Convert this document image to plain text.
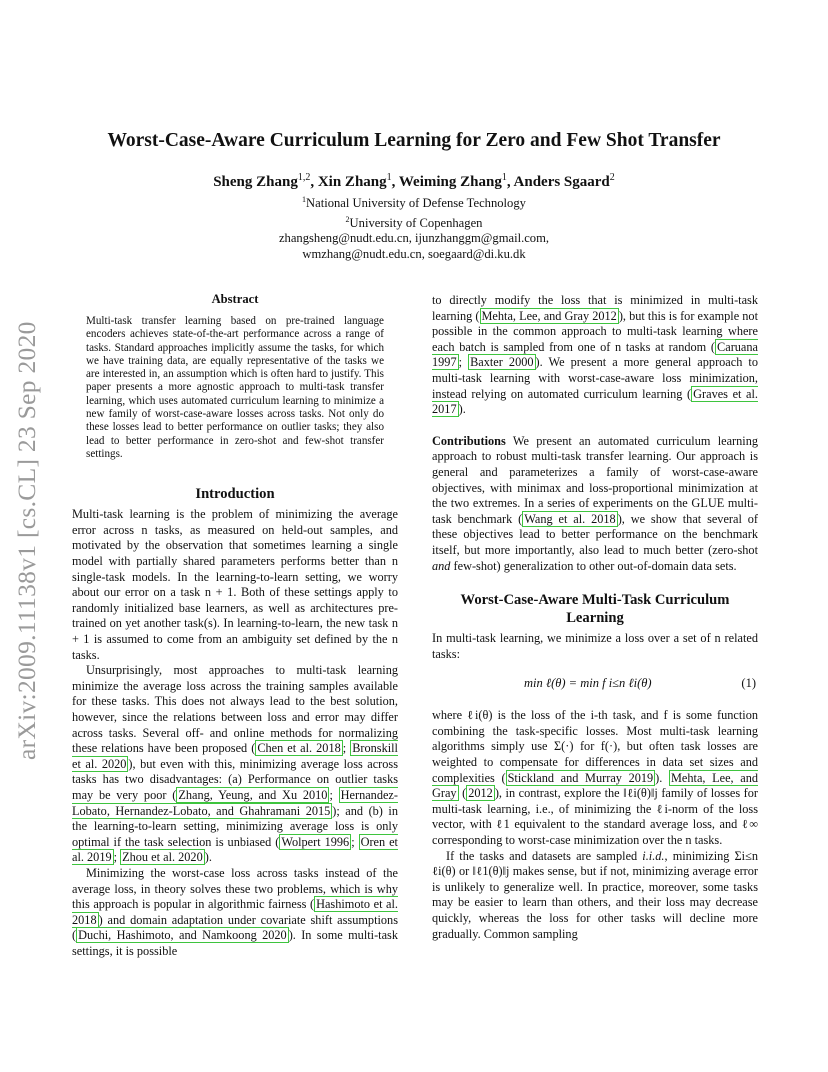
arXiv:2009.11138v1 [cs.CL] 23 Sep 2020
Worst-Case-Aware Curriculum Learning for Zero and Few Shot Transfer
Sheng Zhang$^{1,2}$, Xin Zhang$^1$, Weiming Zhang$^1$, Anders Sgaard$^2$
$^1$National University of Defense Technology
$^2$University of Copenhagen
zhangsheng@nudt.edu.cn, ijunzhanggm@gmail.com,
wmzhang@nudt.edu.cn, soegaard@di.ku.dk
Abstract

Multi-task transfer learning based on pre-trained language encoders achieves state-of-the-art performance across a range of tasks. Standard approaches implicitly assume the tasks, for which we have training data, are equally representative of the tasks we are interested in, an assumption which is often hard to justify. This paper presents a more agnostic approach to multi-task transfer learning, which uses automated curriculum learning to minimize a new family of worst-case-aware losses across tasks. Not only do these losses lead to better performance on outlier tasks; they also lead to better performance in zero-shot and few-shot transfer settings.

Introduction

Multi-task learning is the problem of minimizing the average error across n tasks, as measured on held-out samples, and motivated by the observation that sometimes learning a single model with partially shared parameters performs better than n single-task models. In the learning-to-learn setting, we worry about our error on a task n + 1. Both of these settings apply to randomly initialized base learners, as well as architectures pre-trained on yet another task(s). In learning-to-learn, the new task n + 1 is assumed to come from an ambiguity set defined by the n tasks.

Unsurprisingly, most approaches to multi-task learning minimize the average loss across the training samples available for these tasks. This does not always lead to the best solution, however, since the relations between loss and error may differ across tasks. Several off- and online methods for normalizing these relations have been proposed ( Chen et al. 2018 ; Bronskill et al. 2020 ), but even with this, minimizing average loss across tasks has two disadvantages: (a) Performance on outlier tasks may be very poor ( Zhang, Yeung, and Xu 2010 ; Hernandez-Lobato, Hernandez-Lobato, and Ghahramani 2015 ); and (b) in the learning-to-learn setting, minimizing average loss is only optimal if the task selection is unbiased ( Wolpert 1996 ; Oren et al. 2019 ; Zhou et al. 2020 ).

Minimizing the worst-case loss across tasks instead of the average loss, in theory solves these two problems, which is why this approach is popular in algorithmic fairness ( Hashimoto et al. 2018 ) and domain adaptation under covariate shift assumptions ( Duchi, Hashimoto, and Namkoong 2020 ). In some multi-task settings, it is possible

to directly modify the loss that is minimized in multi-task learning ( Mehta, Lee, and Gray 2012 ), but this is for example not possible in the common approach to multi-task learning where each batch is sampled from one of n tasks at random ( Caruana 1997 ; Baxter 2000 ). We present a more general approach to multi-task learning with worst-case-aware loss minimization, instead relying on automated curriculum learning ( Graves et al. 2017 ).

Contributions We present an automated curriculum learning approach to robust multi-task transfer learning. Our approach is general and parameterizes a family of worst-case-aware objectives, with minimax and loss-proportional minimization at the two extremes. In a series of experiments on the GLUE multi-task benchmark ( Wang et al. 2018 ), we show that several of these objectives lead to better performance on the benchmark itself, but more importantly, also lead to much better (zero-shot and few-shot) generalization to other out-of-domain data sets.

Worst-Case-Aware Multi-Task Curriculum Learning

In multi-task learning, we minimize a loss over a set of n related tasks:

min ℓ(θ) = min f i≤n ℓi(θ)	(1)

where ℓi(θ) is the loss of the i-th task, and f is some function combining the task-specific losses. Most multi-task learning algorithms simply use Σ(·) for f(·), but often task losses are weighted to compensate for differences in data set sizes and complexities ( Stickland and Murray 2019 ). Mehta, Lee, and Gray ( 2012 ), in contrast, explore the ‖ℓi(θ)‖j family of losses for multi-task learning, i.e., of minimizing the ℓi-norm of the loss vector, with ℓ1 equivalent to the standard average loss, and ℓ∞ corresponding to worst-case minimization over the n tasks.

If the tasks and datasets are sampled i.i.d., minimizing Σi≤n ℓi(θ) or ‖ℓ1(θ)‖j makes sense, but if not, minimizing average error is unlikely to generalize well. In practice, moreover, some tasks may be easier to learn than others, and their loss may decrease quickly, whereas the loss for other tasks will decline more gradually. Common sampling
